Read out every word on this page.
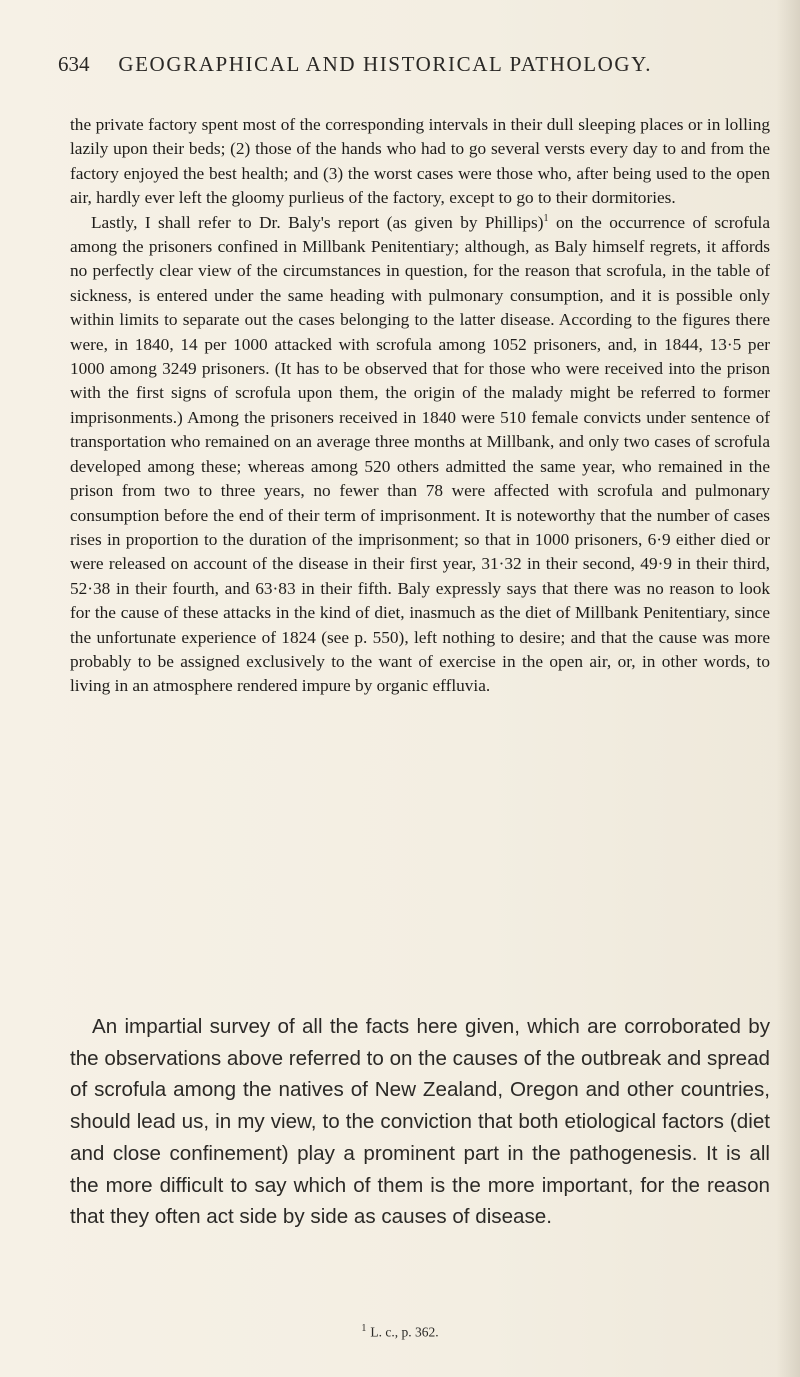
634 GEOGRAPHICAL AND HISTORICAL PATHOLOGY.

the private factory spent most of the corresponding intervals in their dull sleeping places or in lolling lazily upon their beds; (2) those of the hands who had to go several versts every day to and from the factory enjoyed the best health; and (3) the worst cases were those who, after being used to the open air, hardly ever left the gloomy purlieus of the factory, except to go to their dormitories.

Lastly, I shall refer to Dr. Baly's report (as given by Phillips)$^1$ on the occurrence of scrofula among the prisoners confined in Millbank Penitentiary; although, as Baly himself regrets, it affords no perfectly clear view of the circumstances in question, for the reason that scrofula, in the table of sickness, is entered under the same heading with pulmonary consumption, and it is possible only within limits to separate out the cases belonging to the latter disease. According to the figures there were, in 1840, 14 per 1000 attacked with scrofula among 1052 prisoners, and, in 1844, 13·5 per 1000 among 3249 prisoners. (It has to be observed that for those who were received into the prison with the first signs of scrofula upon them, the origin of the malady might be referred to former imprisonments.) Among the prisoners received in 1840 were 510 female convicts under sentence of transportation who remained on an average three months at Millbank, and only two cases of scrofula developed among these; whereas among 520 others admitted the same year, who remained in the prison from two to three years, no fewer than 78 were affected with scrofula and pulmonary consumption before the end of their term of imprisonment. It is noteworthy that the number of cases rises in proportion to the duration of the imprisonment; so that in 1000 prisoners, 6·9 either died or were released on account of the disease in their first year, 31·32 in their second, 49·9 in their third, 52·38 in their fourth, and 63·83 in their fifth. Baly expressly says that there was no reason to look for the cause of these attacks in the kind of diet, inasmuch as the diet of Millbank Penitentiary, since the unfortunate experience of 1824 (see p. 550), left nothing to desire; and that the cause was more probably to be assigned exclusively to the want of exercise in the open air, or, in other words, to living in an atmosphere rendered impure by organic effluvia.

An impartial survey of all the facts here given, which are corroborated by the observations above referred to on the causes of the outbreak and spread of scrofula among the natives of New Zealand, Oregon and other countries, should lead us, in my view, to the conviction that both etiological factors (diet and close confinement) play a prominent part in the pathogenesis. It is all the more difficult to say which of them is the more important, for the reason that they often act side by side as causes of disease.

$^1$ L. c., p. 362.
